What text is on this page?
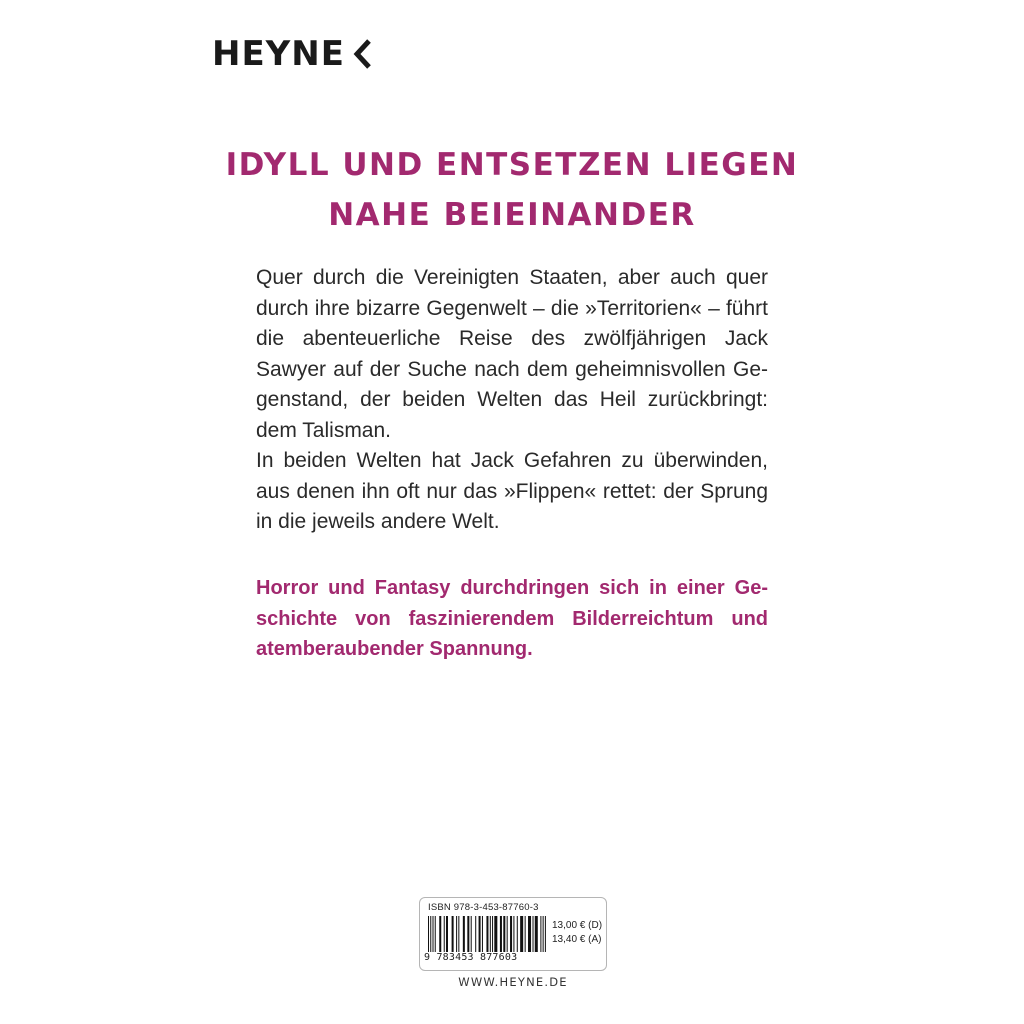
HEYNE
IDYLL UND ENTSETZEN LIEGEN
NAHE BEIEINANDER
Quer durch die Vereinigten Staaten, aber auch quer
durch ihre bizarre Gegenwelt – die »Territorien« – führt
die abenteuerliche Reise des zwölfjährigen Jack
Sawyer auf der Suche nach dem geheimnisvollen Ge-
genstand, der beiden Welten das Heil zurückbringt:
dem Talisman.
In beiden Welten hat Jack Gefahren zu überwinden,
aus denen ihn oft nur das »Flippen« rettet: der Sprung
in die jeweils andere Welt.
Horror und Fantasy durchdringen sich in einer Ge-
schichte von faszinierendem Bilderreichtum und
atemberaubender Spannung.
ISBN 978-3-453-87760-3
9 783453 877603
13,00 € (D)
13,40 € (A)
WWW.HEYNE.DE
